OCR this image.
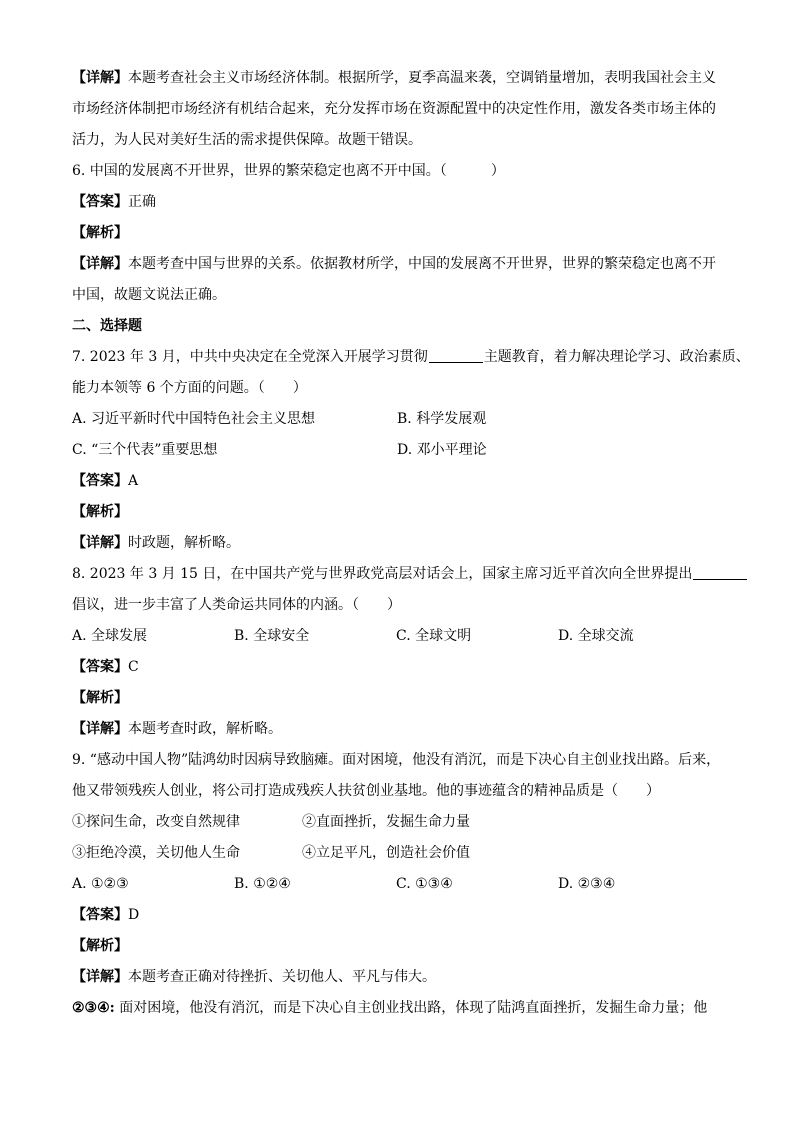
【详解】本题考查社会主义市场经济体制。根据所学，夏季高温来袭，空调销量增加，表明我国社会主义
市场经济体制把市场经济有机结合起来，充分发挥市场在资源配置中的决定性作用，激发各类市场主体的
活力，为人民对美好生活的需求提供保障。故题干错误。
6. 中国的发展离不开世界，世界的繁荣稳定也离不开中国。（	）
【答案】正确
【解析】
【详解】本题考查中国与世界的关系。依据教材所学，中国的发展离不开世界，世界的繁荣稳定也离不开
中国，故题文说法正确。
二、选择题
7. 2023 年 3 月，中共中央决定在全党深入开展学习贯彻	主题教育，着力解决理论学习、政治素质、
能力本领等 6 个方面的问题。（ ）
A. 习近平新时代中国特色社会主义思想	B. 科学发展观
C. “三个代表”重要思想	D. 邓小平理论
【答案】A
【解析】
【详解】时政题，解析略。
8. 2023 年 3 月 15 日，在中国共产党与世界政党高层对话会上，国家主席习近平首次向全世界提出
倡议，进一步丰富了人类命运共同体的内涵。（ ）
A. 全球发展	B. 全球安全	C. 全球文明	D. 全球交流
【答案】C
【解析】
【详解】本题考查时政，解析略。
9. “感动中国人物”陆鸿幼时因病导致脑瘫。面对困境，他没有消沉，而是下决心自主创业找出路。后来，
他又带领残疾人创业，将公司打造成残疾人扶贫创业基地。他的事迹蕴含的精神品质是（ ）
①探问生命，改变自然规律	②直面挫折，发掘生命力量
③拒绝冷漠，关切他人生命	④立足平凡，创造社会价值
A. ①②③	B. ①②④	C. ①③④	D. ②③④
【答案】D
【解析】
【详解】本题考查正确对待挫折、关切他人、平凡与伟大。
②③④: 面对困境，他没有消沉，而是下决心自主创业找出路，体现了陆鸿直面挫折，发掘生命力量；他
